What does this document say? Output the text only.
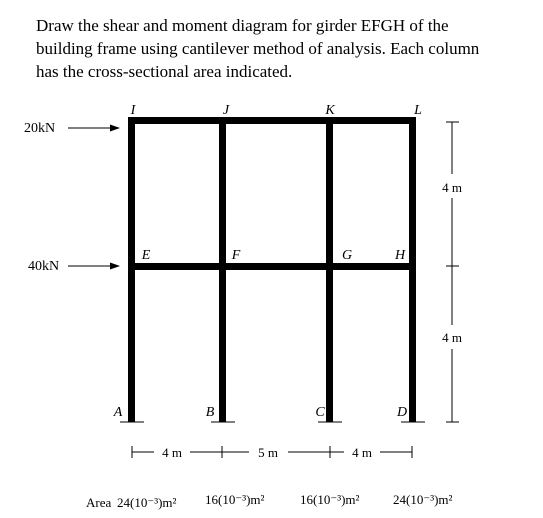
Draw the shear and moment diagram for girder EFGH of the
building frame using cantilever method of analysis. Each column
has the cross-sectional area indicated.
I	J	K	L
E	F	G	H
A	B	C	D
20kN
40kN
4 m
4 m
4 m	5 m	4 m
Area 24(10⁻³)m² 16(10⁻³)m²	16(10⁻³)m²	24(10⁻³)m²
